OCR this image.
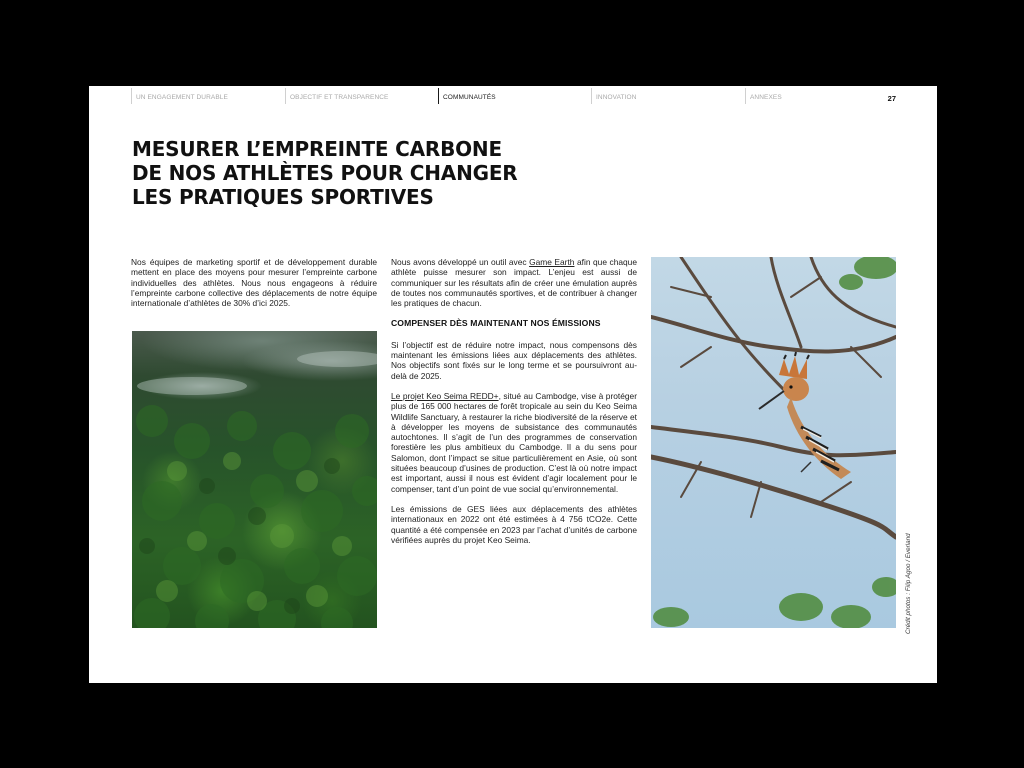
UN ENGAGEMENT DURABLE	OBJECTIF ET TRANSPARENCE	COMMUNAUTÉS	INNOVATION	ANNEXES	27
MESURER L’EMPREINTE CARBONE
DE NOS ATHLÈTES POUR CHANGER
LES PRATIQUES SPORTIVES

Nos équipes de marketing sportif et de développement durable mettent en place des moyens pour mesurer l’empreinte carbone individuelles des athlètes. Nous nous engageons à réduire l’empreinte carbone collective des déplacements de notre équipe internationale d’athlètes de 30% d’ici 2025.

Nous avons développé un outil avec Game Earth afin que chaque athlète puisse mesurer son impact. L’enjeu est aussi de communiquer sur les résultats afin de créer une émulation auprès de toutes nos communautés sportives, et de contribuer à changer les pratiques de chacun.

COMPENSER DÈS MAINTENANT NOS ÉMISSIONS

Si l’objectif est de réduire notre impact, nous compensons dès maintenant les émissions liées aux déplacements des athlètes. Nos objectifs sont fixés sur le long terme et se poursuivront au-delà de 2025.

Le projet Keo Seima REDD+, situé au Cambodge, vise à protéger plus de 165 000 hectares de forêt tropicale au sein du Keo Seima Wildlife Sanctuary, à restaurer la riche biodiversité de la réserve et à développer les moyens de subsistance des communautés autochtones. Il s’agit de l’un des programmes de conservation forestière les plus ambitieux du Cambodge. Il a du sens pour Salomon, dont l’impact se situe particulièrement en Asie, où sont situées beaucoup d’usines de production. C’est là où notre impact est important, aussi il nous est évident d’agir localement pour le compenser, tant d’un point de vue social qu’environnemental.

Les émissions de GES liées aux déplacements des athlètes internationaux en 2022 ont été estimées à 4 756 tCO2e. Cette quantité a été compensée en 2023 par l’achat d’unités de carbone vérifiées auprès du projet Keo Seima.	Crédit photos : Filip Agoo / Everland
